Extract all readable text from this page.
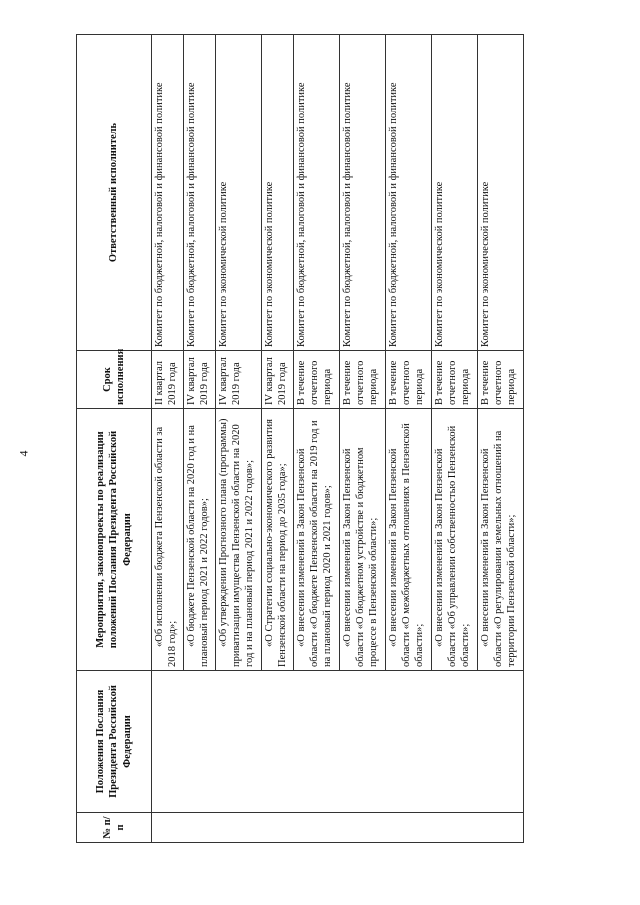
4
№ п/п	Положения Послания Президента Российской Федерации	Мероприятия, законопроекты по реализации положений Послания Президента Российской Федерации	Срок исполнения	Ответственный исполнитель
		«Об исполнении бюджета Пензенской области за 2018 год»;	II квартал 2019 года	Комитет по бюджетной, налоговой и финансовой политике
		«О бюджете Пензенской области на 2020 год и на плановый период 2021 и 2022 годов»;	IV квартал 2019 года	Комитет по бюджетной, налоговой и финансовой политике
		«Об утверждении Прогнозного плана (программы) приватизации имущества Пензенской области на 2020 год и на плановый период 2021 и 2022 годов»;	IV квартал 2019 года	Комитет по экономической политике
		«О Стратегии социально-экономического развития Пензенской области на период до 2035 года»;	IV квартал 2019 года	Комитет по экономической политике
		«О внесении изменений в Закон Пензенской области «О бюджете Пензенской области на 2019 год и на плановый период 2020 и 2021 годов»;	В течение отчетного периода	Комитет по бюджетной, налоговой и финансовой политике
		«О внесении изменений в Закон Пензенской области «О бюджетном устройстве и бюджетном процессе в Пензенской области»;	В течение отчетного периода	Комитет по бюджетной, налоговой и финансовой политике
		«О внесении изменений в Закон Пензенской области «О межбюджетных отношениях в Пензенской области»;	В течение отчетного периода	Комитет по бюджетной, налоговой и финансовой политике
		«О внесении изменений в Закон Пензенской области «Об управлении собственностью Пензенской области»;	В течение отчетного периода	Комитет по экономической политике
		«О внесении изменений в Закон Пензенской области «О регулировании земельных отношений на территории Пензенской области»;	В течение отчетного периода	Комитет по экономической политике
